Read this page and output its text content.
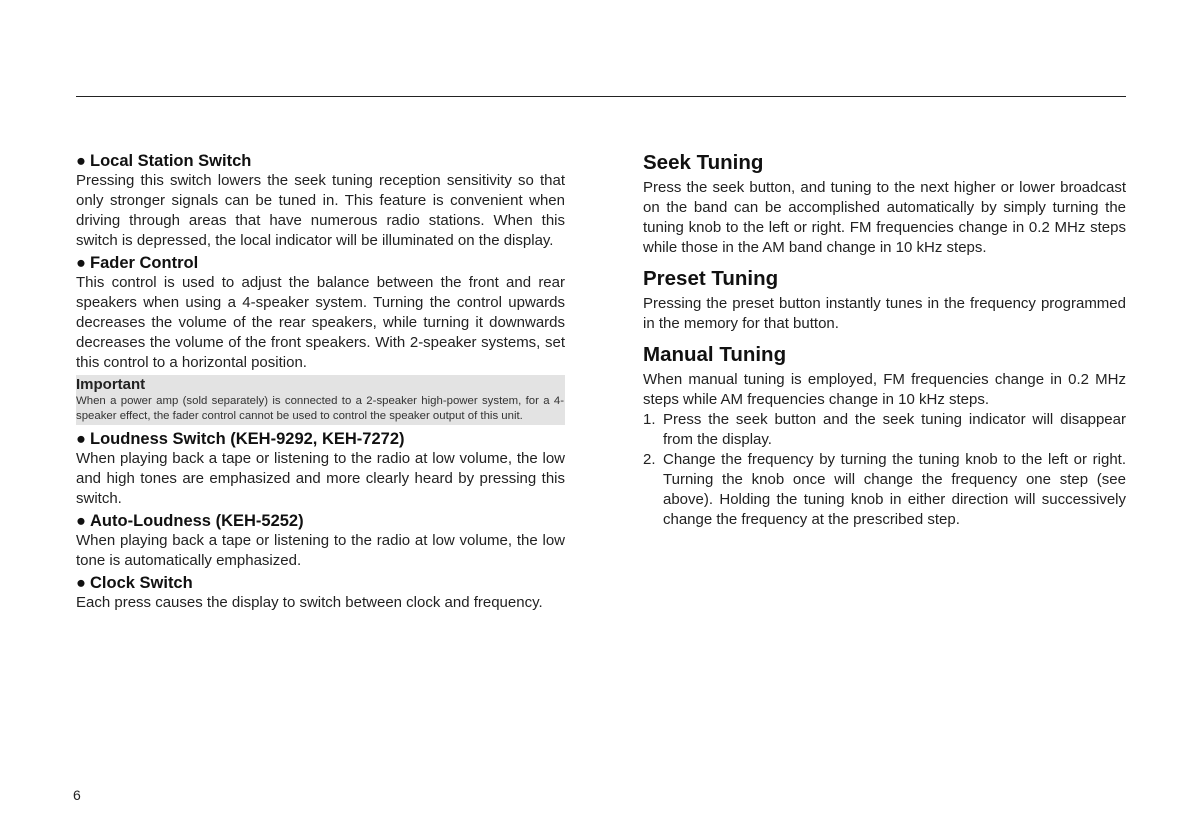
● Local Station Switch

Pressing this switch lowers the seek tuning reception sensitivity so that only stronger signals can be tuned in. This feature is convenient when driving through areas that have numerous radio stations. When this switch is depressed, the local indicator will be illuminated on the display.

● Fader Control

This control is used to adjust the balance between the front and rear speakers when using a 4-speaker system. Turning the control upwards decreases the volume of the rear speakers, while turning it downwards decreases the volume of the front speakers. With 2-speaker systems, set this control to a horizontal position.

Important

When a power amp (sold separately) is connected to a 2-speaker high-power system, for a 4-speaker effect, the fader control cannot be used to control the speaker output of this unit.

● Loudness Switch (KEH-9292, KEH-7272)

When playing back a tape or listening to the radio at low volume, the low and high tones are emphasized and more clearly heard by pressing this switch.

● Auto-Loudness (KEH-5252)

When playing back a tape or listening to the radio at low volume, the low tone is automatically emphasized.

● Clock Switch

Each press causes the display to switch between clock and frequency.

Seek Tuning

Press the seek button, and tuning to the next higher or lower broadcast on the band can be accomplished automatically by simply turning the tuning knob to the left or right. FM frequencies change in 0.2 MHz steps while those in the AM band change in 10 kHz steps.

Preset Tuning

Pressing the preset button instantly tunes in the frequency programmed in the memory for that button.

Manual Tuning

When manual tuning is employed, FM frequencies change in 0.2 MHz steps while AM frequencies change in 10 kHz steps.

1. Press the seek button and the seek tuning indicator will disappear from the display.
2. Change the frequency by turning the tuning knob to the left or right. Turning the knob once will change the frequency one step (see above). Holding the tuning knob in either direction will successively change the frequency at the prescribed step.
6
